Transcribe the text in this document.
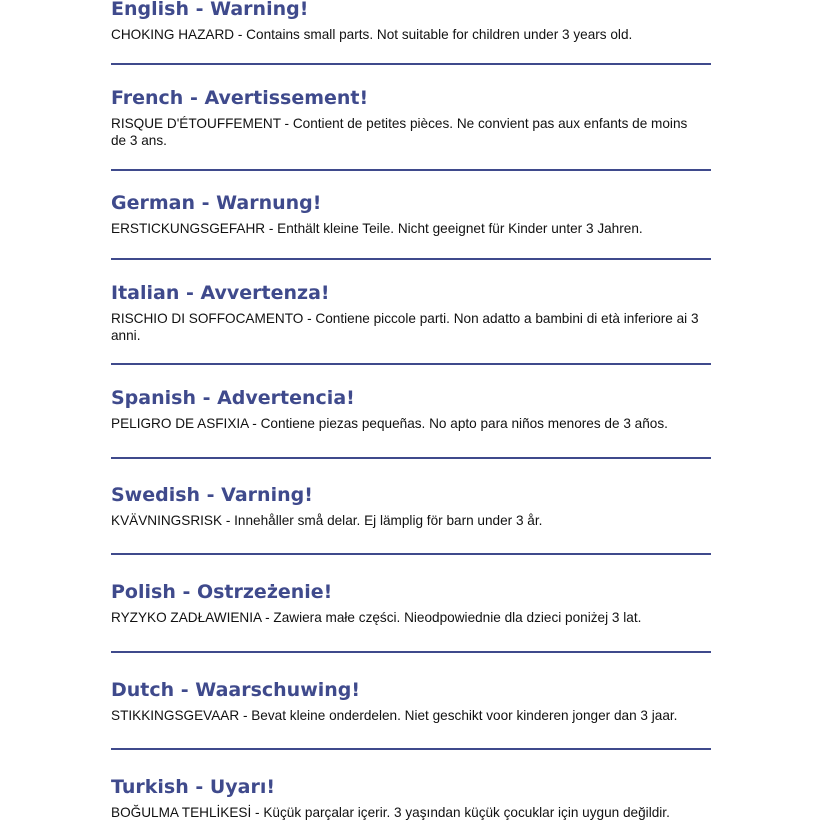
English - Warning!
CHOKING HAZARD - Contains small parts. Not suitable for children under 3 years old.
French - Avertissement!
RISQUE D'ÉTOUFFEMENT - Contient de petites pièces. Ne convient pas aux enfants de moins de 3 ans.
German - Warnung!
ERSTICKUNGSGEFAHR - Enthält kleine Teile. Nicht geeignet für Kinder unter 3 Jahren.
Italian - Avvertenza!
RISCHIO DI SOFFOCAMENTO - Contiene piccole parti. Non adatto a bambini di età inferiore ai 3 anni.
Spanish - Advertencia!
PELIGRO DE ASFIXIA - Contiene piezas pequeñas. No apto para niños menores de 3 años.
Swedish - Varning!
KVÄVNINGSRISK - Innehåller små delar. Ej lämplig för barn under 3 år.
Polish - Ostrzeżenie!
RYZYKO ZADŁAWIENIA - Zawiera małe części. Nieodpowiednie dla dzieci poniżej 3 lat.
Dutch - Waarschuwing!
STIKKINGSGEVAAR - Bevat kleine onderdelen. Niet geschikt voor kinderen jonger dan 3 jaar.
Turkish - Uyarı!
BOĞULMA TEHLİKESİ - Küçük parçalar içerir. 3 yaşından küçük çocuklar için uygun değildir.
